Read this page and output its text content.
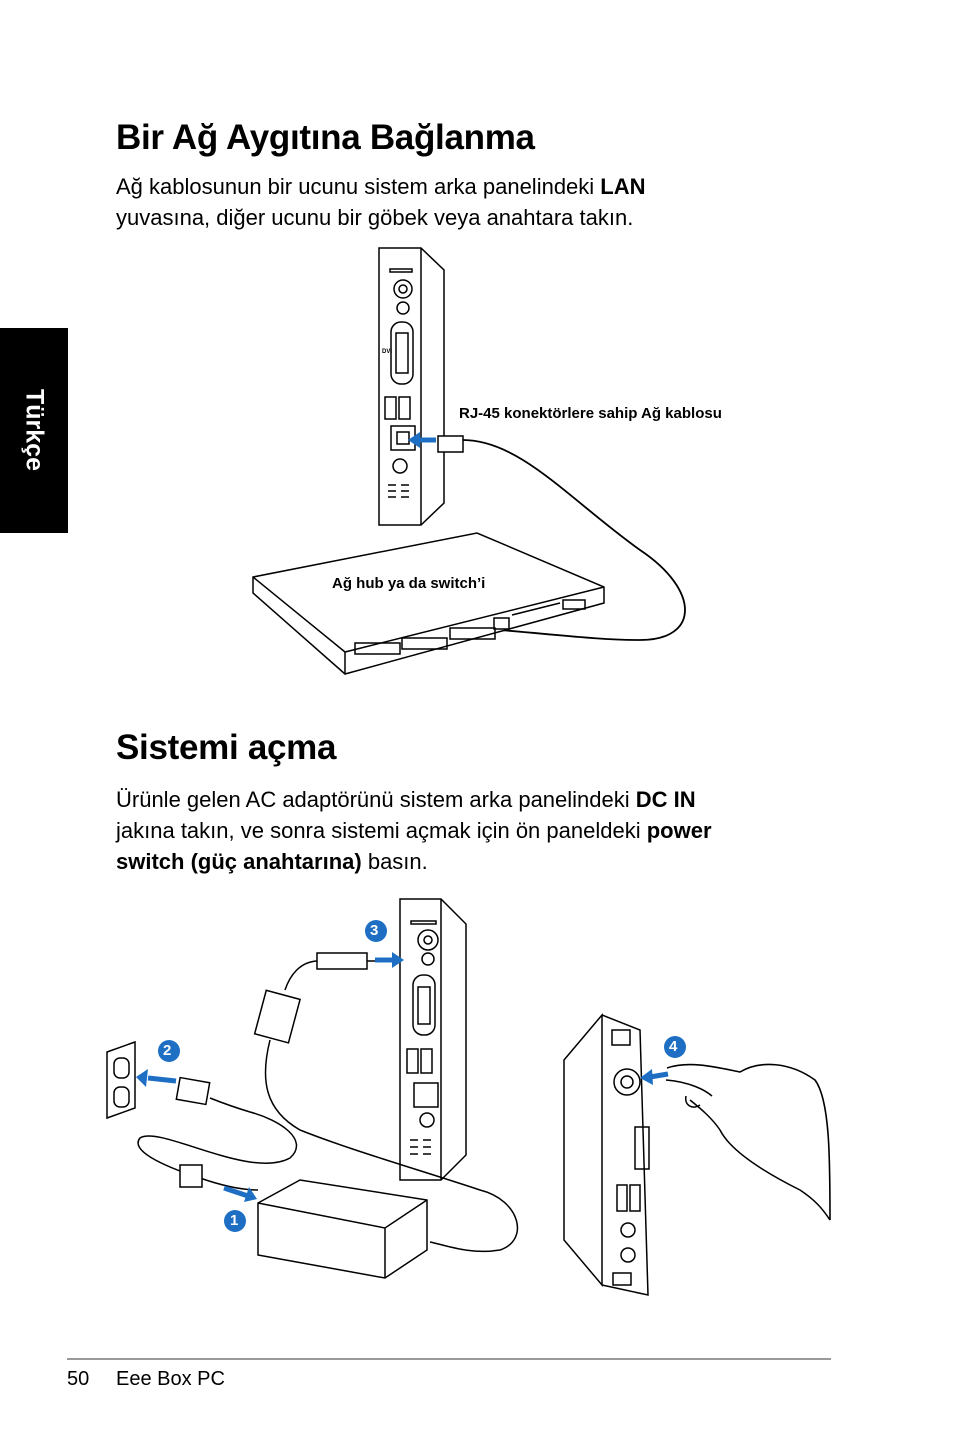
Türkçe
Bir Ağ Aygıtına Bağlanma

Ağ kablosunun bir ucunu sistem arka panelindeki LAN
yuvasına, diğer ucunu bir göbek veya anahtara takın.

RJ-45 konektörlere sahip Ağ kablosu
Ağ hub ya da switch’i
DVI
Sistemi açma

Ürünle gelen AC adaptörünü sistem arka panelindeki DC IN
jakına takın, ve sonra sistemi açmak için ön paneldeki power
switch (güç anahtarına) basın.

3
2
1
4
50 Eee Box PC
